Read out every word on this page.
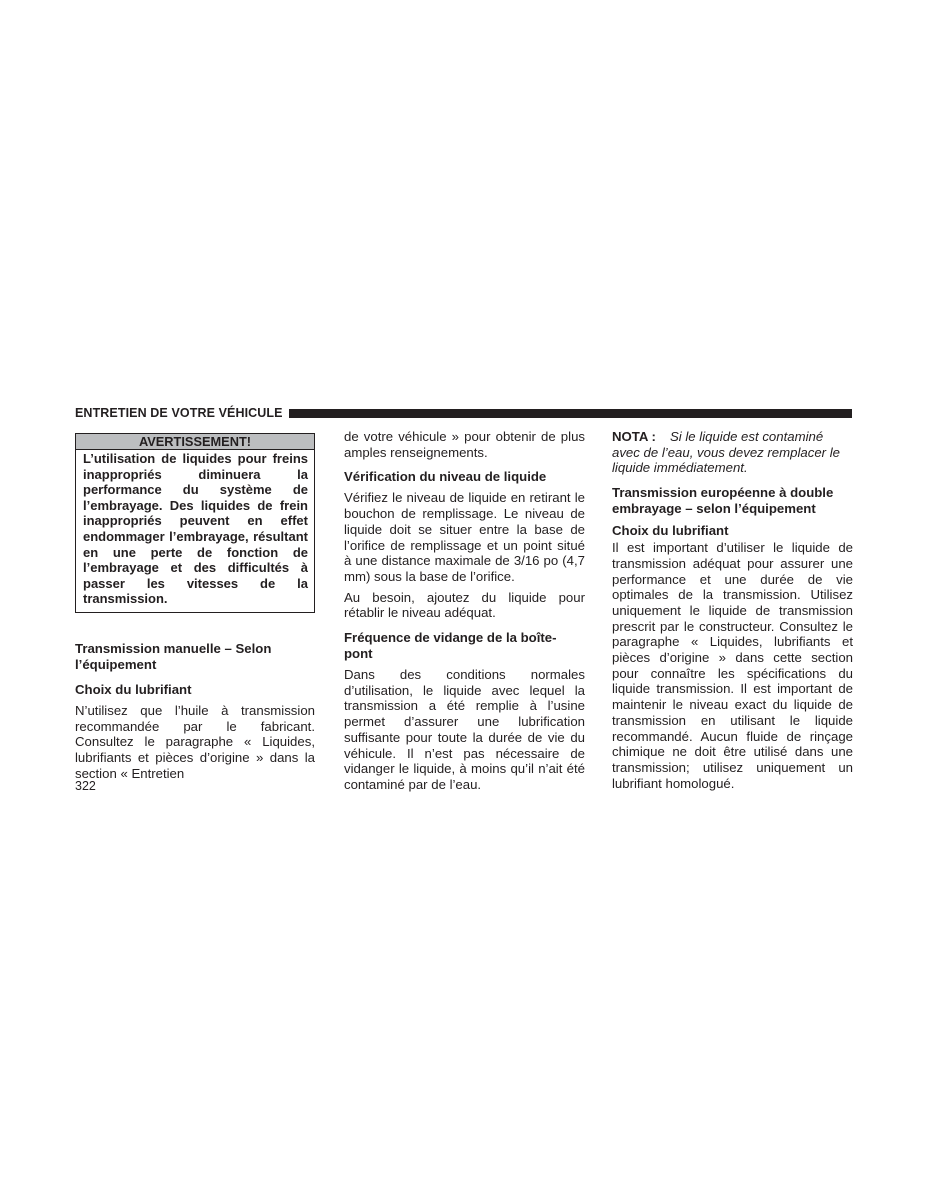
ENTRETIEN DE VOTRE VÉHICULE
AVERTISSEMENT!
L’utilisation de liquides pour freins inappropriés diminuera la performance du système de l’embrayage. Des liquides de frein inappropriés peuvent en effet endommager l’embrayage, résultant en une perte de fonction de l’embrayage et des difficultés à passer les vitesses de la transmission.

Transmission manuelle – Selon l’équipement

Choix du lubrifiant

N’utilisez que l’huile à transmission recommandée par le fabricant. Consultez le paragraphe « Liquides, lubrifiants et pièces d’origine » dans la section « Entretien

de votre véhicule » pour obtenir de plus amples renseignements.

Vérification du niveau de liquide

Vérifiez le niveau de liquide en retirant le bouchon de remplissage. Le niveau de liquide doit se situer entre la base de l’orifice de remplissage et un point situé à une distance maximale de 3/16 po (4,7 mm) sous la base de l’orifice.

Au besoin, ajoutez du liquide pour rétablir le niveau adéquat.

Fréquence de vidange de la boîte-pont

Dans des conditions normales d’utilisation, le liquide avec lequel la transmission a été remplie à l’usine permet d’assurer une lubrification suffisante pour toute la durée de vie du véhicule. Il n’est pas nécessaire de vidanger le liquide, à moins qu’il n’ait été contaminé par de l’eau.

NOTA : Si le liquide est contaminé avec de l’eau, vous devez remplacer le liquide immédiatement.

Transmission européenne à double embrayage – selon l’équipement

Choix du lubrifiant

Il est important d’utiliser le liquide de transmission adéquat pour assurer une performance et une durée de vie optimales de la transmission. Utilisez uniquement le liquide de transmission prescrit par le constructeur. Consultez le paragraphe « Liquides, lubrifiants et pièces d’origine » dans cette section pour connaître les spécifications du liquide transmission. Il est important de maintenir le niveau exact du liquide de transmission en utilisant le liquide recommandé. Aucun fluide de rinçage chimique ne doit être utilisé dans une transmission; utilisez uniquement un lubrifiant homologué.

322
